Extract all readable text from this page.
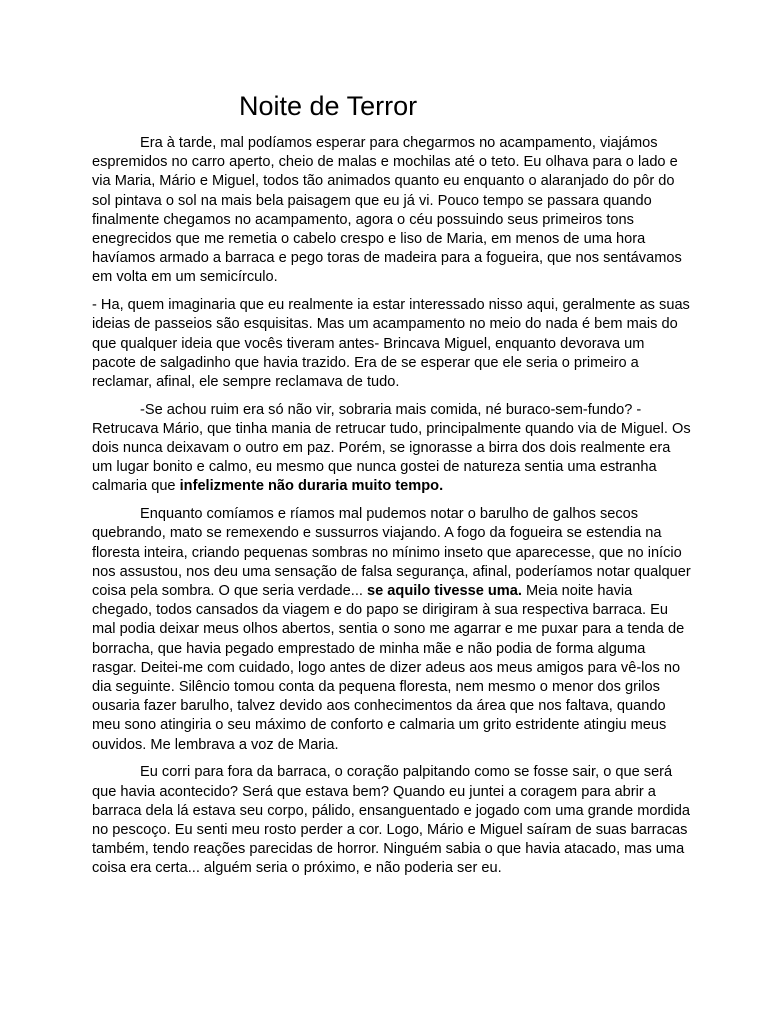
Noite de Terror

Era à tarde, mal podíamos esperar para chegarmos no acampamento, viajámos espremidos no carro aperto, cheio de malas e mochilas até o teto. Eu olhava para o lado e via Maria, Mário e Miguel, todos tão animados quanto eu enquanto o alaranjado do pôr do sol pintava o sol na mais bela paisagem que eu já vi. Pouco tempo se passara quando finalmente chegamos no acampamento, agora o céu possuindo seus primeiros tons enegrecidos que me remetia o cabelo crespo e liso de Maria, em menos de uma hora havíamos armado a barraca e pego toras de madeira para a fogueira, que nos sentávamos em volta em um semicírculo.

- Ha, quem imaginaria que eu realmente ia estar interessado nisso aqui, geralmente as suas ideias de passeios são esquisitas. Mas um acampamento no meio do nada é bem mais do que qualquer ideia que vocês tiveram antes- Brincava Miguel, enquanto devorava um pacote de salgadinho que havia trazido. Era de se esperar que ele seria o primeiro a reclamar, afinal, ele sempre reclamava de tudo.

-Se achou ruim era só não vir, sobraria mais comida, né buraco-sem-fundo? - Retrucava Mário, que tinha mania de retrucar tudo, principalmente quando via de Miguel. Os dois nunca deixavam o outro em paz. Porém, se ignorasse a birra dos dois realmente era um lugar bonito e calmo, eu mesmo que nunca gostei de natureza sentia uma estranha calmaria que infelizmente não duraria muito tempo.

Enquanto comíamos e ríamos mal pudemos notar o barulho de galhos secos quebrando, mato se remexendo e sussurros viajando. A fogo da fogueira se estendia na floresta inteira, criando pequenas sombras no mínimo inseto que aparecesse, que no início nos assustou, nos deu uma sensação de falsa segurança, afinal, poderíamos notar qualquer coisa pela sombra. O que seria verdade... se aquilo tivesse uma. Meia noite havia chegado, todos cansados da viagem e do papo se dirigiram à sua respectiva barraca. Eu mal podia deixar meus olhos abertos, sentia o sono me agarrar e me puxar para a tenda de borracha, que havia pegado emprestado de minha mãe e não podia de forma alguma rasgar. Deitei-me com cuidado, logo antes de dizer adeus aos meus amigos para vê-los no dia seguinte. Silêncio tomou conta da pequena floresta, nem mesmo o menor dos grilos ousaria fazer barulho, talvez devido aos conhecimentos da área que nos faltava, quando meu sono atingiria o seu máximo de conforto e calmaria um grito estridente atingiu meus ouvidos. Me lembrava a voz de Maria.

Eu corri para fora da barraca, o coração palpitando como se fosse sair, o que será que havia acontecido? Será que estava bem? Quando eu juntei a coragem para abrir a barraca dela lá estava seu corpo, pálido, ensanguentado e jogado com uma grande mordida no pescoço. Eu senti meu rosto perder a cor. Logo, Mário e Miguel saíram de suas barracas também, tendo reações parecidas de horror. Ninguém sabia o que havia atacado, mas uma coisa era certa... alguém seria o próximo, e não poderia ser eu.
